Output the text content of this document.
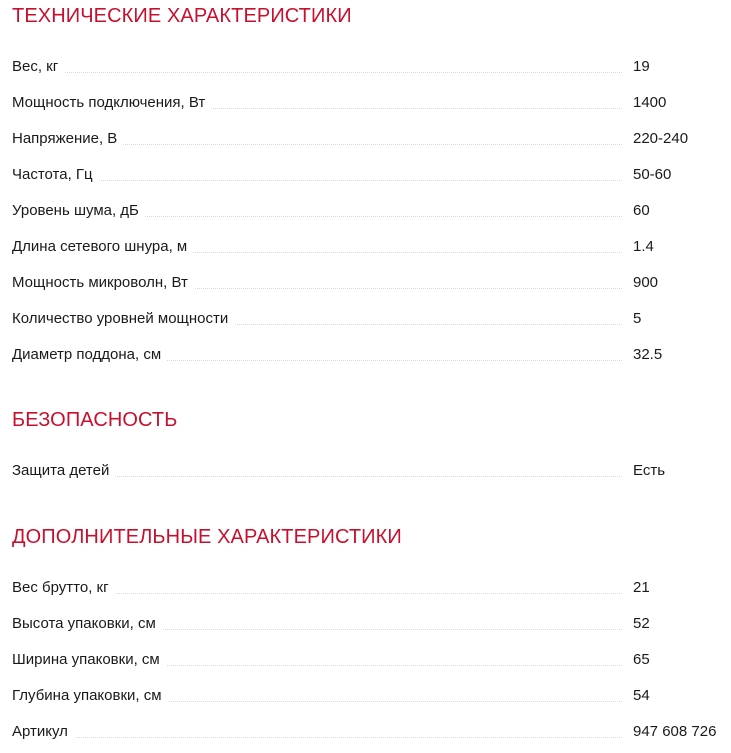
ТЕХНИЧЕСКИЕ ХАРАКТЕРИСТИКИ
Вес, кг	19
Мощность подключения, Вт	1400
Напряжение, В	220-240
Частота, Гц	50-60
Уровень шума, дБ	60
Длина сетевого шнура, м	1.4
Мощность микроволн, Вт	900
Количество уровней мощности	5
Диаметр поддона, см	32.5
БЕЗОПАСНОСТЬ
Защита детей	Есть
ДОПОЛНИТЕЛЬНЫЕ ХАРАКТЕРИСТИКИ
Вес брутто, кг	21
Высота упаковки, см	52
Ширина упаковки, см	65
Глубина упаковки, см	54
Артикул	947 608 726
